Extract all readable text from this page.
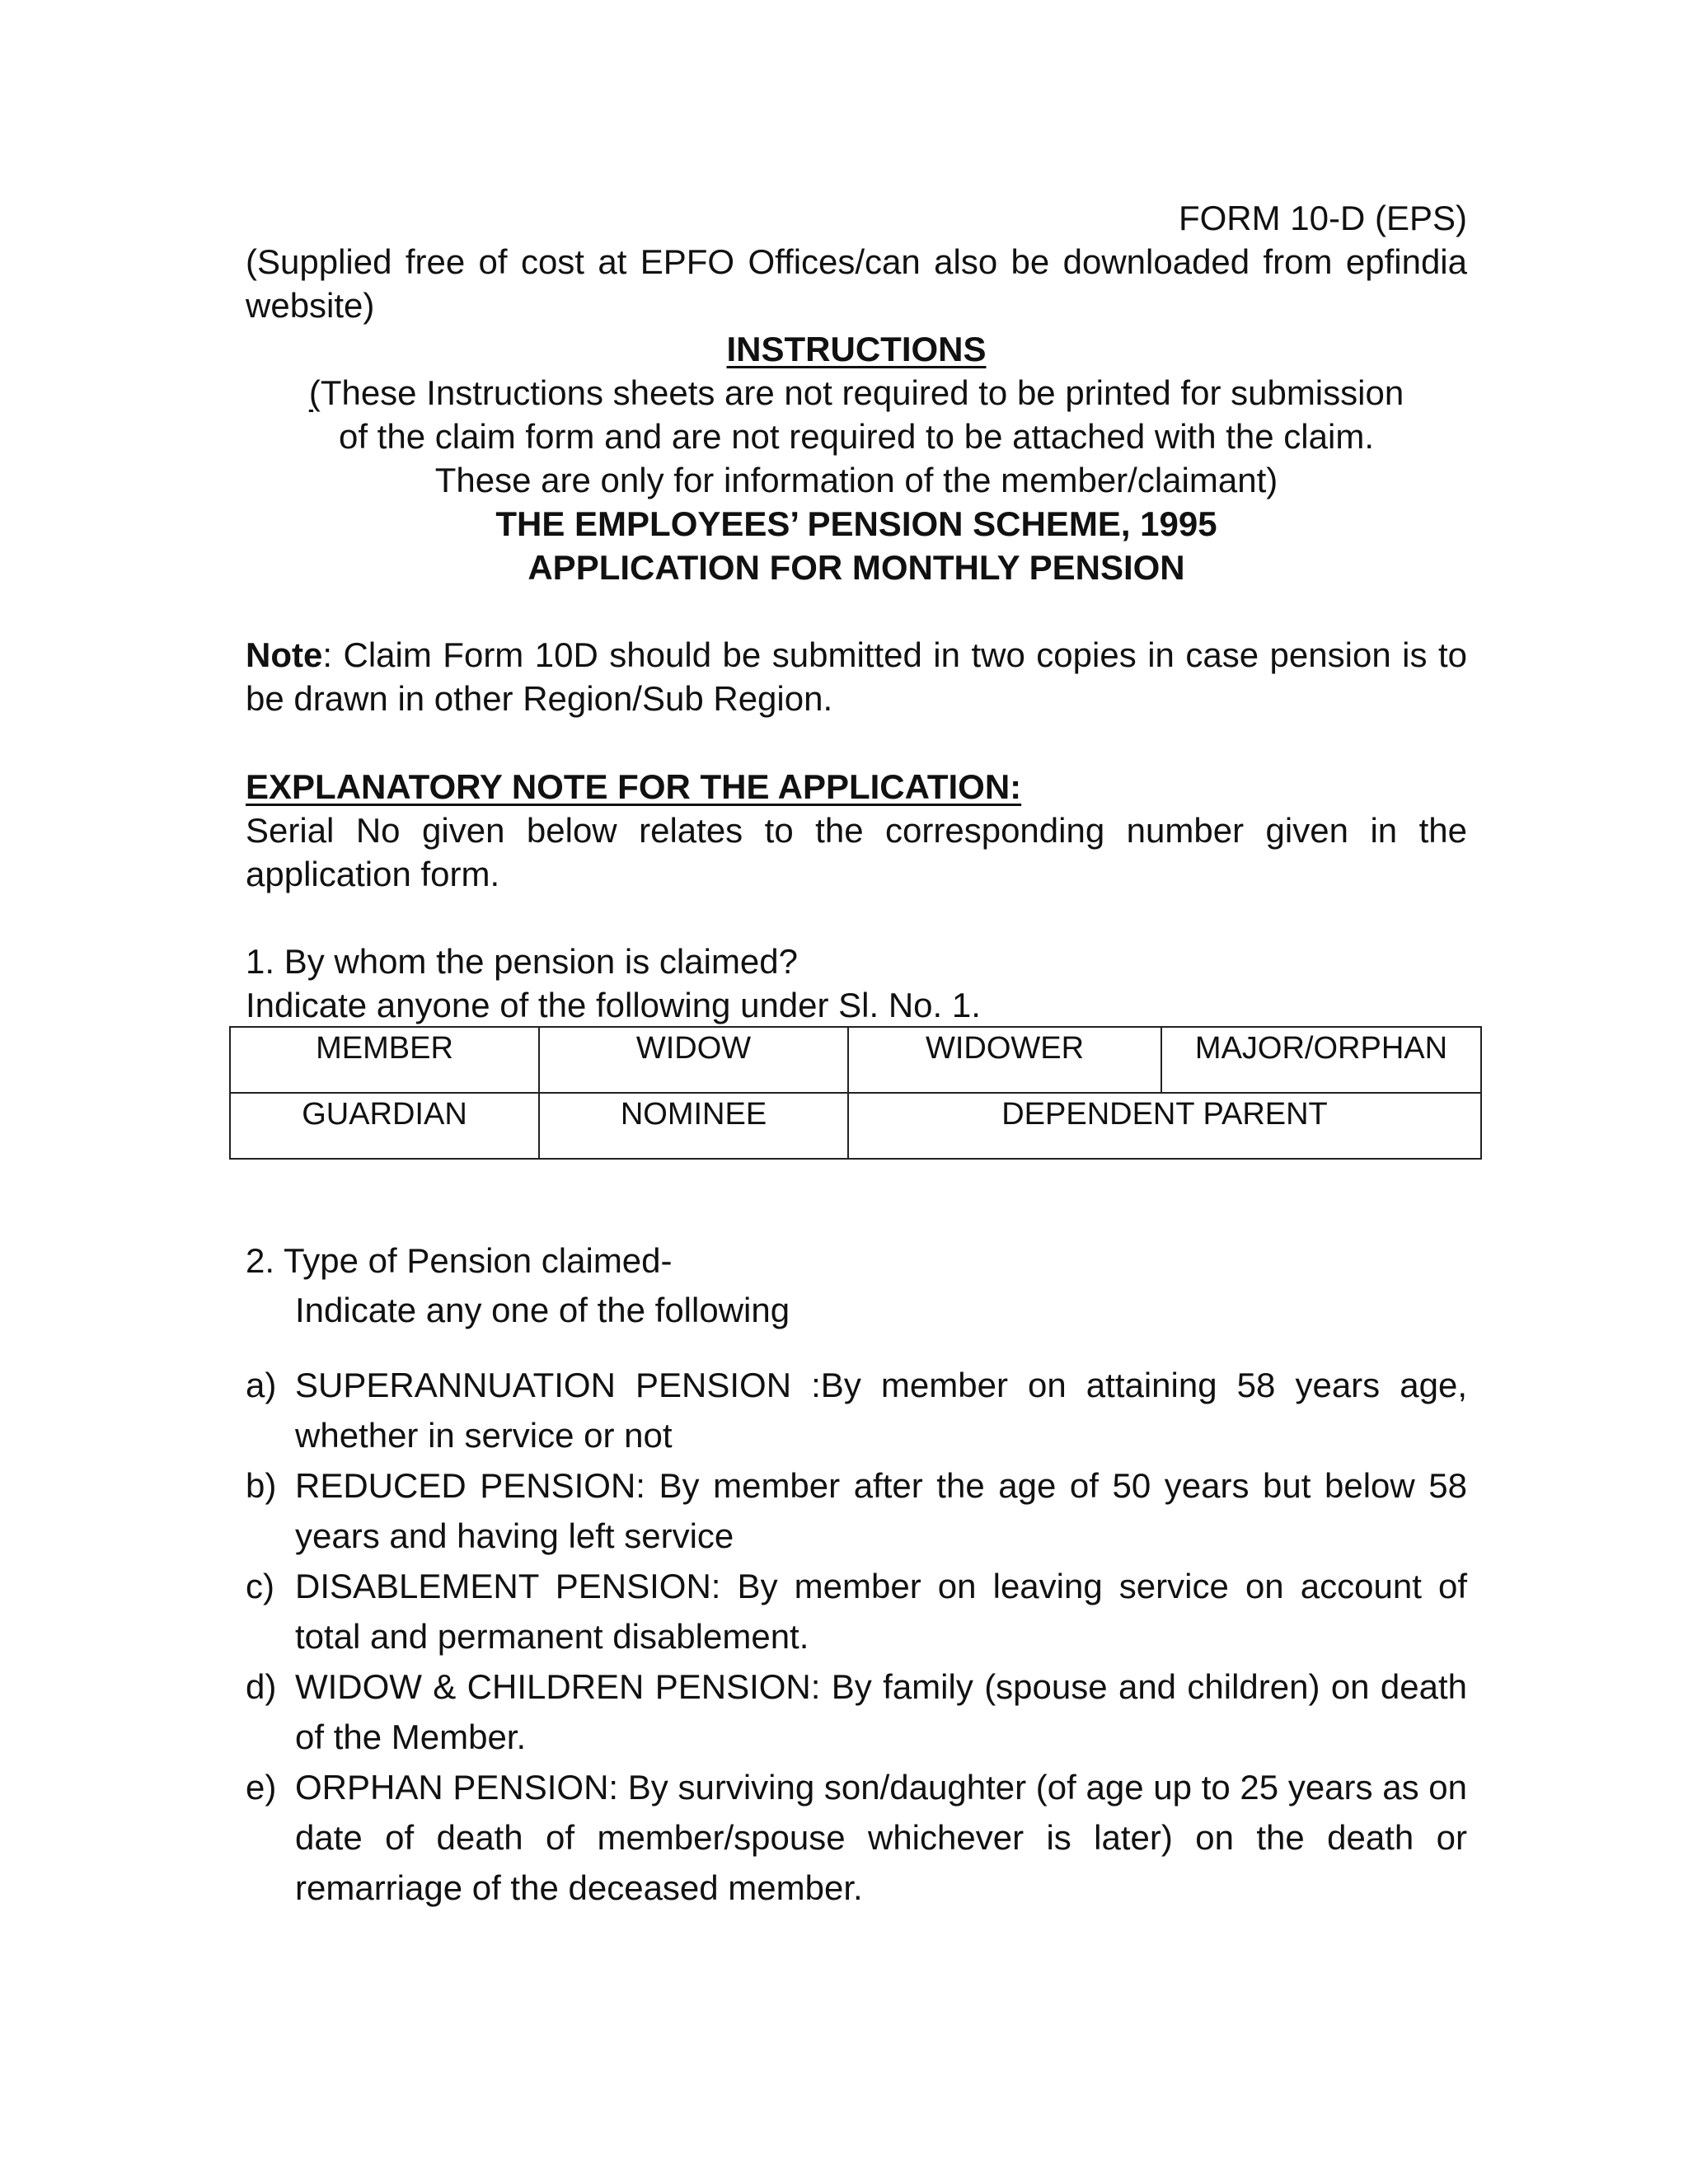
FORM 10-D (EPS)

(Supplied free of cost at EPFO Offices/can also be downloaded from epfindia website)

INSTRUCTIONS

(These Instructions sheets are not required to be printed for submission

of the claim form and are not required to be attached with the claim.

These are only for information of the member/claimant)

THE EMPLOYEES’ PENSION SCHEME, 1995

APPLICATION FOR MONTHLY PENSION

Note: Claim Form 10D should be submitted in two copies in case pension is to be drawn in other Region/Sub Region.

EXPLANATORY NOTE FOR THE APPLICATION:

Serial No given below relates to the corresponding number given in the application form.

1. By whom the pension is claimed?

Indicate anyone of the following under Sl. No. 1.

MEMBER	WIDOW	WIDOWER	MAJOR/ORPHAN
GUARDIAN	NOMINEE	DEPENDENT PARENT	

2. Type of Pension claimed-

Indicate any one of the following

a) SUPERANNUATION PENSION :By member on attaining 58 years age, whether in service or not
b) REDUCED PENSION: By member after the age of 50 years but below 58 years and having left service
c) DISABLEMENT PENSION: By member on leaving service on account of total and permanent disablement.
d) WIDOW & CHILDREN PENSION: By family (spouse and children) on death of the Member.
e) ORPHAN PENSION: By surviving son/daughter (of age up to 25 years as on date of death of member/spouse whichever is later) on the death or remarriage of the deceased member.
